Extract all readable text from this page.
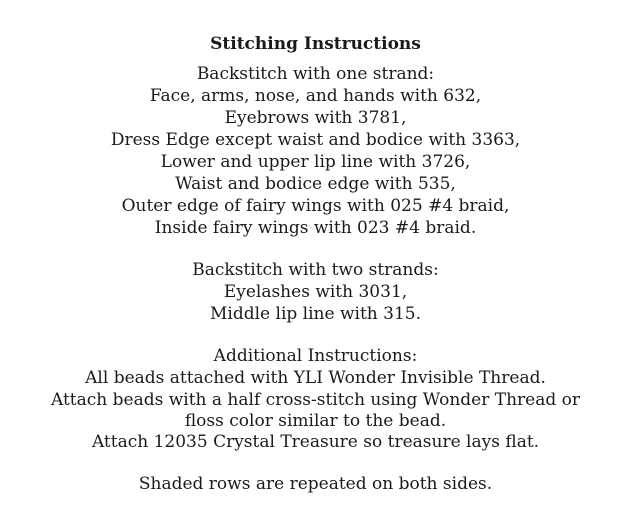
Stitching Instructions
Backstitch with one strand:
Face, arms, nose, and hands with 632,
Eyebrows with 3781,
Dress Edge except waist and bodice with 3363,
Lower and upper lip line with 3726,
Waist and bodice edge with 535,
Outer edge of fairy wings with 025 #4 braid,
Inside fairy wings with 023 #4 braid.
Backstitch with two strands:
Eyelashes with 3031,
Middle lip line with 315.
Additional Instructions:
All beads attached with YLI Wonder Invisible Thread.
Attach beads with a half cross-stitch using Wonder Thread or
floss color similar to the bead.
Attach 12035 Crystal Treasure so treasure lays flat.
Shaded rows are repeated on both sides.
